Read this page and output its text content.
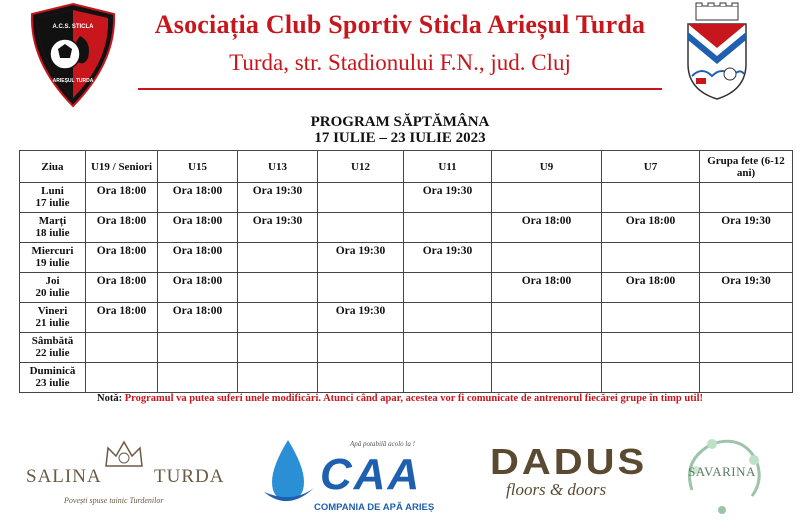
A.C.S. STICLA
ARIEȘUL TURDA
Asociația Club Sportiv Sticla Arieșul Turda
Turda, str. Stadionului F.N., jud. Cluj
PROGRAM SĂPTĂMÂNA
17 IULIE – 23 IULIE 2023
Ziua	U19 / Seniori	U15	U13	U12	U11	U9	U7	Grupa fete (6-12 ani)

Luni
17 iulie	Ora 18:00	Ora 18:00	Ora 19:30		Ora 19:30			

Marți
18 iulie	Ora 18:00	Ora 18:00	Ora 19:30			Ora 18:00	Ora 18:00	Ora 19:30

Miercuri
19 iulie	Ora 18:00	Ora 18:00		Ora 19:30	Ora 19:30			

Joi
20 iulie	Ora 18:00	Ora 18:00				Ora 18:00	Ora 18:00	Ora 19:30

Vineri
21 iulie	Ora 18:00	Ora 18:00		Ora 19:30				

Sâmbătă
22 iulie								

Duminică
23 iulie								

Notă: Programul va putea suferi unele modificări. Atunci când apar, acestea vor fi comunicate de antrenorul fiecărei grupe în timp util!
SALINA	TURDA
Povești spuse tainic Turdenilor
Apă potabilă acolo la !
CAA
COMPANIA DE APĂ ARIEȘ
DADUS
floors & doors
SAVARINA
